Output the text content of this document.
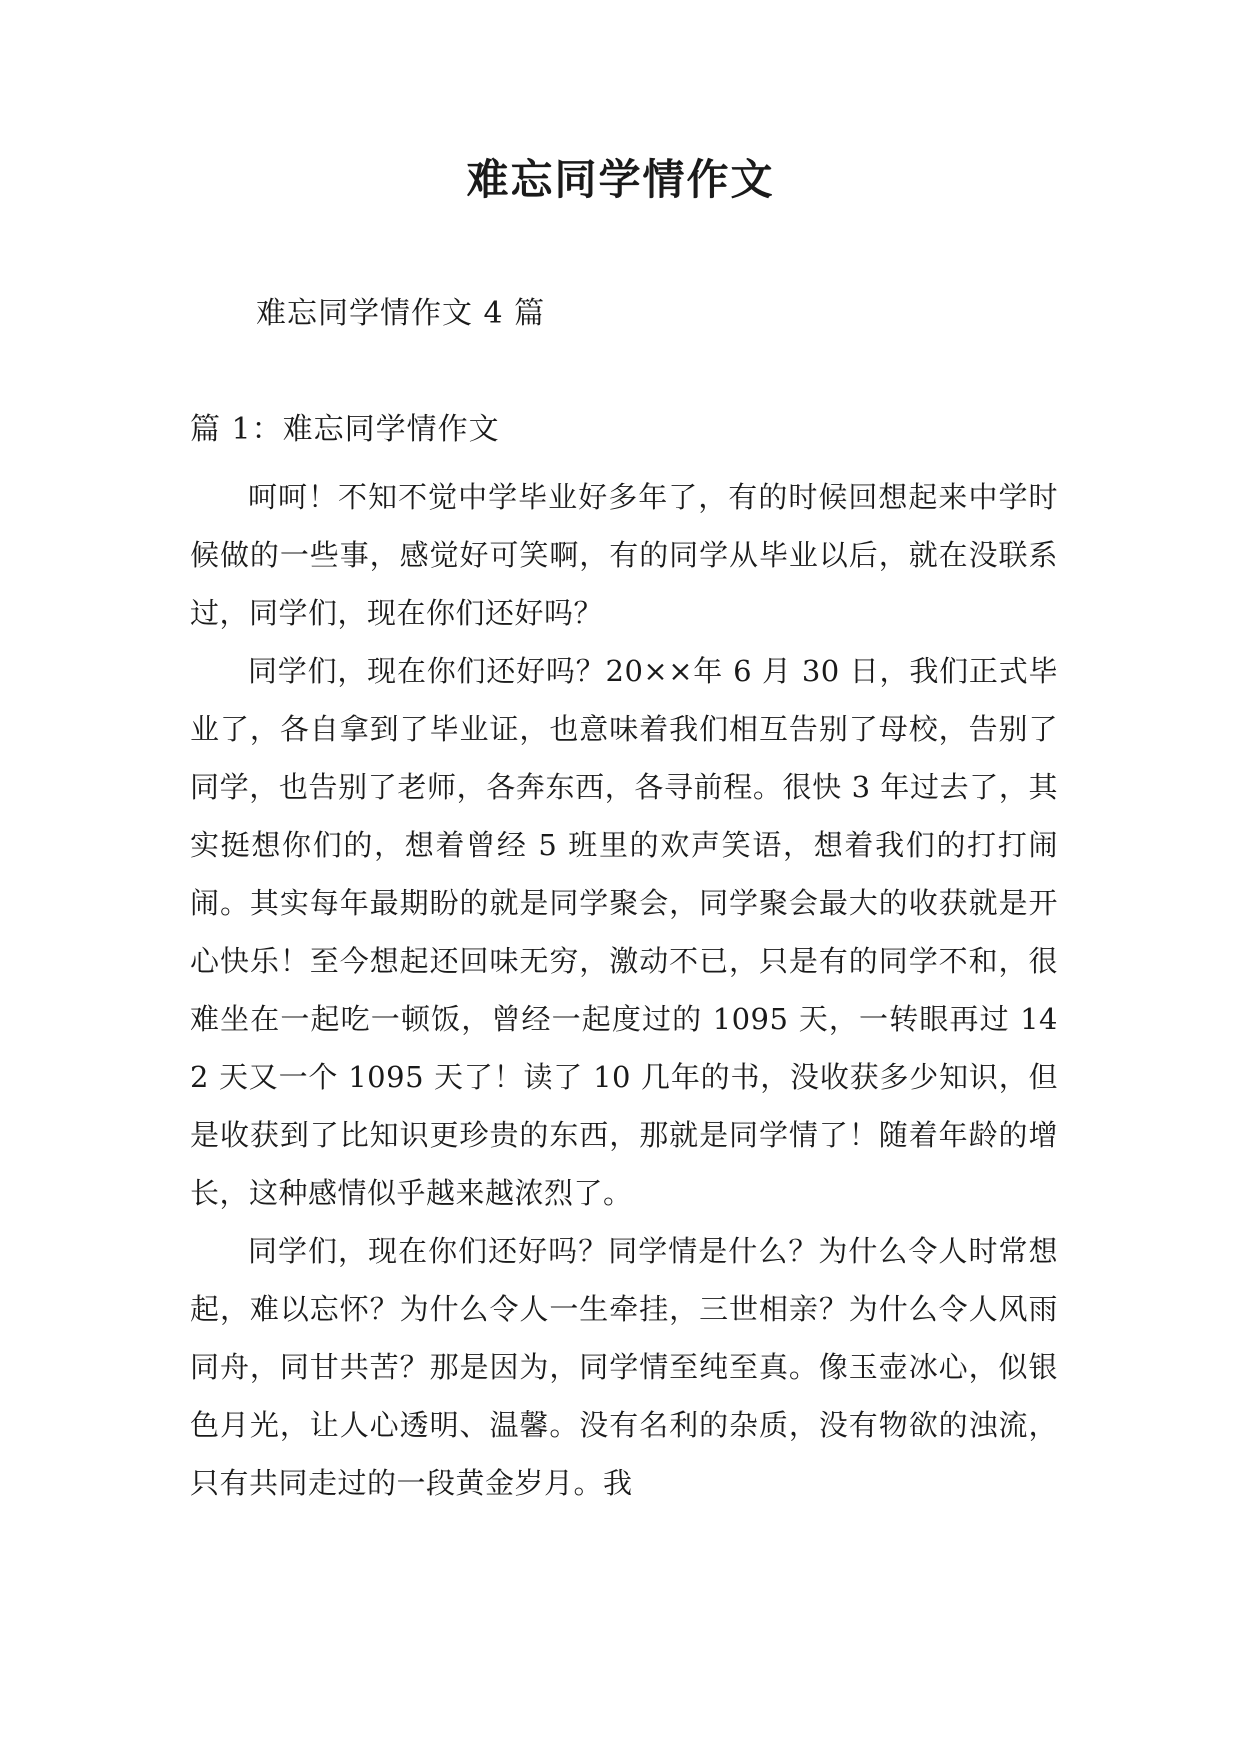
难忘同学情作文
难忘同学情作文 4 篇
篇 1：难忘同学情作文

呵呵！不知不觉中学毕业好多年了，有的时候回想起来中学时候做的一些事，感觉好可笑啊，有的同学从毕业以后，就在没联系过，同学们，现在你们还好吗？

同学们，现在你们还好吗？20××年 6 月 30 日，我们正式毕业了，各自拿到了毕业证，也意味着我们相互告别了母校，告别了同学，也告别了老师，各奔东西，各寻前程。很快 3 年过去了，其实挺想你们的，想着曾经 5 班里的欢声笑语，想着我们的打打闹闹。其实每年最期盼的就是同学聚会，同学聚会最大的收获就是开心快乐！至今想起还回味无穷，激动不已，只是有的同学不和，很难坐在一起吃一顿饭，曾经一起度过的 1095 天，一转眼再过 142 天又一个 1095 天了！读了 10 几年的书，没收获多少知识，但是收获到了比知识更珍贵的东西，那就是同学情了！随着年龄的增长，这种感情似乎越来越浓烈了。

同学们，现在你们还好吗？同学情是什么？为什么令人时常想起，难以忘怀？为什么令人一生牵挂，三世相亲？为什么令人风雨同舟，同甘共苦？那是因为，同学情至纯至真。像玉壶冰心，似银色月光，让人心透明、温馨。没有名利的杂质，没有物欲的浊流，只有共同走过的一段黄金岁月。我
